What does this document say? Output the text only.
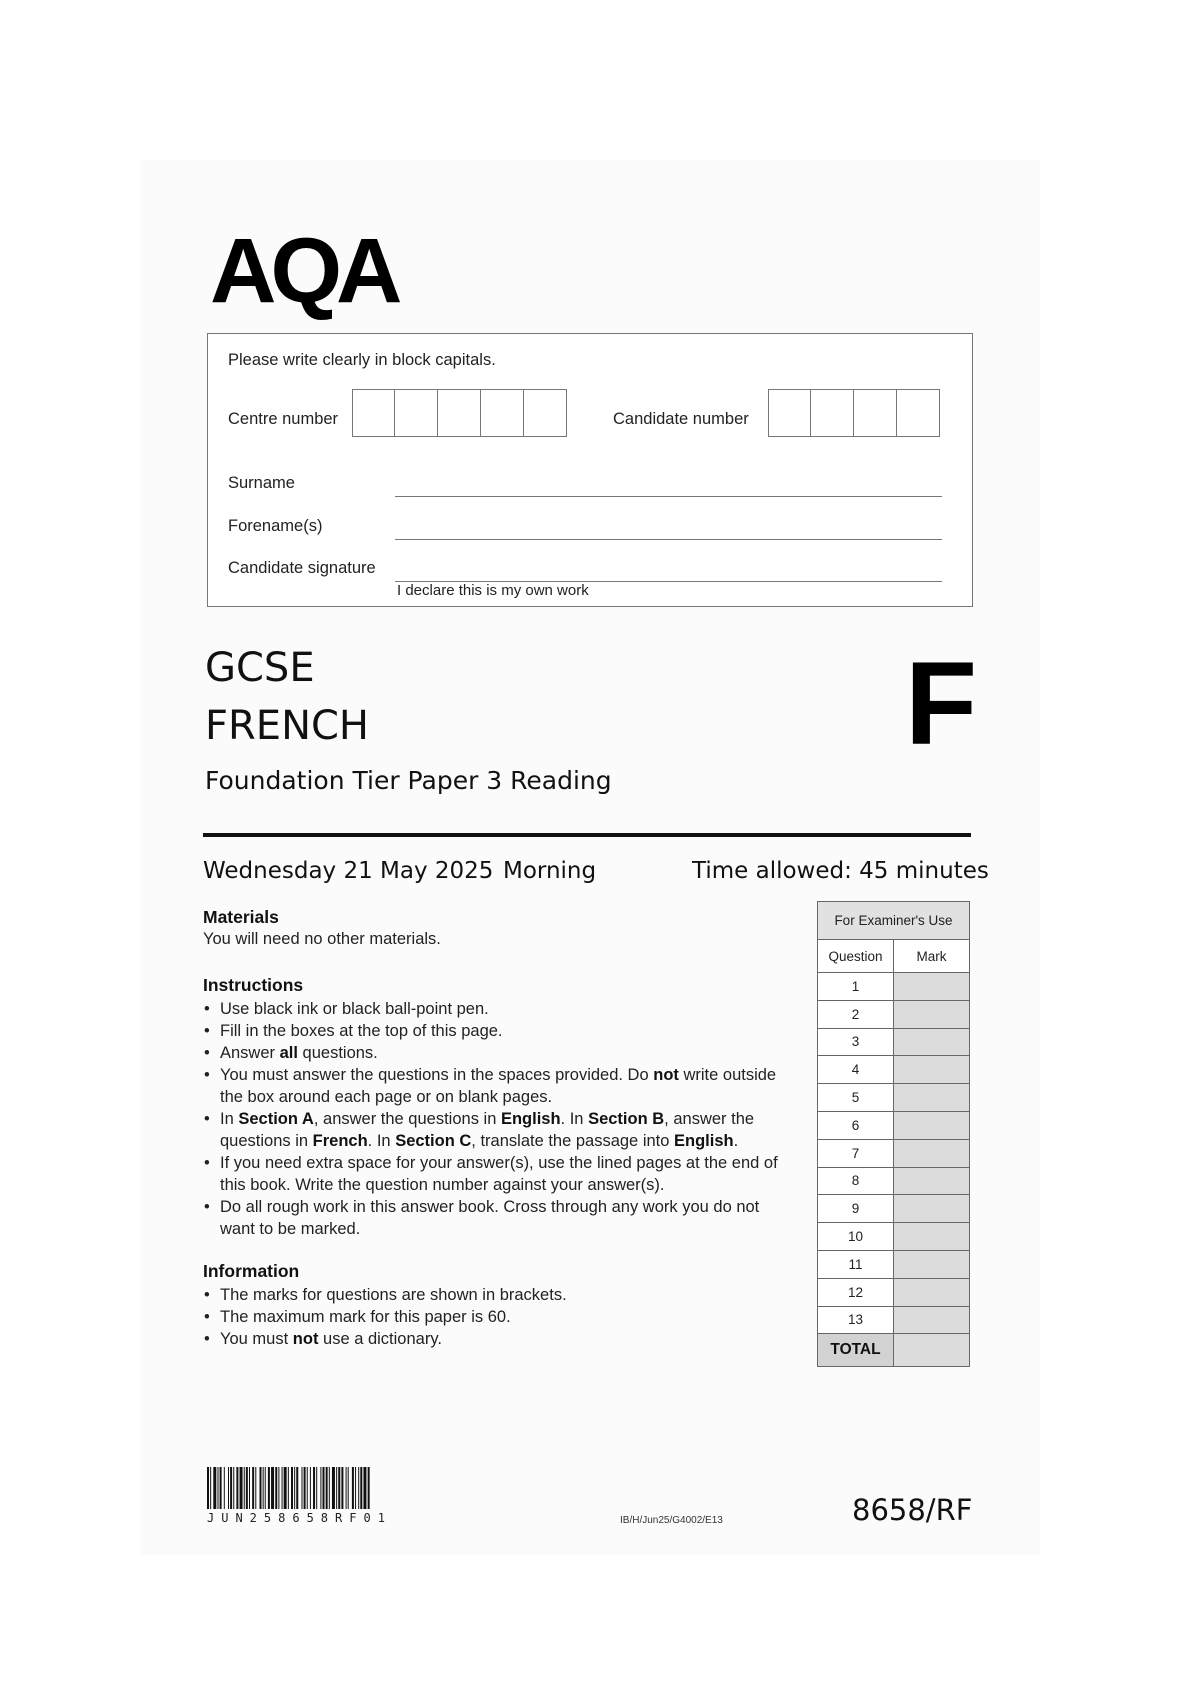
AQA
Please write clearly in block capitals.
Centre number	Candidate number
Surname
Forename(s)
Candidate signature
I declare this is my own work
GCSE
FRENCH
Foundation Tier Paper 3 Reading
F
Wednesday 21 May 2025 Morning	Time allowed: 45 minutes
Materials
You will need no other materials.
Instructions
• Use black ink or black ball-point pen.
• Fill in the boxes at the top of this page.
• Answer all questions.
• You must answer the questions in the spaces provided. Do not write outside
the box around each page or on blank pages.
• In Section A, answer the questions in English. In Section B, answer the
questions in French. In Section C, translate the passage into English.
• If you need extra space for your answer(s), use the lined pages at the end of
this book. Write the question number against your answer(s).
• Do all rough work in this answer book. Cross through any work you do not
want to be marked.
Information
• The marks for questions are shown in brackets.
• The maximum mark for this paper is 60.
• You must not use a dictionary.
For Examiner's Use	
Question	Mark
1	
2	
3	
4	
5	
6	
7	
8	
9	
10	
11	
12	
13	
TOTAL	
JUN258658RF01	IB/H/Jun25/G4002/E13	8658/RF
